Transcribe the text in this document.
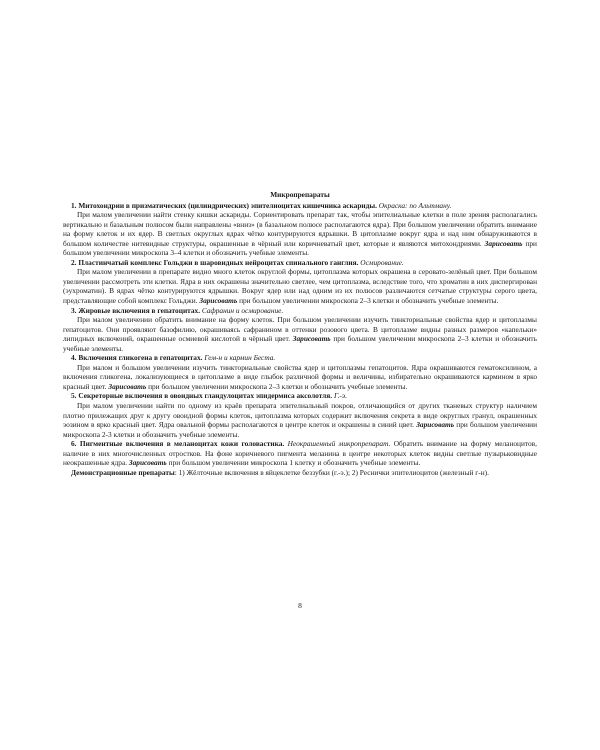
Микропрепараты

1. Митохондрии в призматических (цилиндрических) эпителиоцитах кишечника аскариды. Окраска: по Альтману.

При малом увеличении найти стенку кишки аскариды. Сориентировать препарат так, чтобы эпителиальные клетки в поле зрения располагались вертикально и базальным полюсом были направлены «вниз» (в базальном полюсе располагаются ядра). При большом увеличении обратить внимание на форму клеток и их ядер. В светлых округлых ядрах чётко контурируются ядрышки. В цитоплазме вокруг ядра и над ним обнаруживаются в большом количестве нитевидные структуры, окрашенные в чёрный или коричневатый цвет, которые и являются митохондриями. Зарисовать при большом увеличении микроскопа 3–4 клетки и обозначить учебные элементы.

2. Пластинчатый комплекс Гольджи в шаровидных нейроцитах спинального ганглия. Осмирование.

При малом увеличении в препарате видно много клеток округлой формы, цитоплазма которых окрашена в серовато-зелёный цвет. При большом увеличении рассмотреть эти клетки. Ядра в них окрашены значительно светлее, чем цитоплазма, вследствие того, что хроматин в них диспергирован (эухроматин). В ядрах чётко контурируются ядрышки. Вокруг ядер или над одним из их полюсов различаются сетчатые структуры серого цвета, представляющие собой комплекс Гольджи. Зарисовать при большом увеличении микроскопа 2–3 клетки и обозначить учебные элементы.

3. Жировые включения в гепатоцитах. Сафранин и осмирование.

При малом увеличении обратить внимание на форму клеток. При большом увеличении изучить тинкториальные свойства ядер и цитоплазмы гепатоцитов. Они проявляют базофилию, окрашиваясь сафранином в оттенки розового цвета. В цитоплазме видны разных размеров «капельки» липидных включений, окрашенные осмиевой кислотой в чёрный цвет. Зарисовать при большом увеличении микроскопа 2–3 клетки и обозначить учебные элементы.

4. Включения гликогена в гепатоцитах. Гем-н и кармин Беста.

При малом и большом увеличении изучить тинкториальные свойства ядер и цитоплазмы гепатоцитов. Ядра окрашиваются гематоксилином, а включения гликогена, локализующиеся в цитоплазме в виде глыбок различной формы и величины, избирательно окрашиваются кармином в ярко красный цвет. Зарисовать при большом увеличении микроскопа 2–3 клетки и обозначить учебные элементы.

5. Секреторные включения в овоидных гландулоцитах эпидермиса аксолотля. Г.-э.

При малом увеличении найти по одному из краёв препарата эпителиальный покров, отличающийся от других тканевых структур наличием плотно прилежащих друг к другу овоидной формы клеток, цитоплазма которых содержит включения секрета в виде округлых гранул, окрашенных эозином в ярко красный цвет. Ядра овальной формы располагаются в центре клеток и окрашены в синий цвет. Зарисовать при большом увеличении микроскопа 2-3 клетки и обозначить учебные элементы.

6. Пигментные включения в меланоцитах кожи головастика. Неокрашенный микропрепарат. Обратить внимание на форму меланоцитов, наличие в них многочисленных отростков. На фоне коричневого пигмента меланина в центре некоторых клеток видны светлые пузырьковидные неокрашенные ядра. Зарисовать при большом увеличении микроскопа 1 клетку и обозначить учебные элементы.

Демонстрационные препараты: 1) Жёлточные включения в яйцеклетке беззубки (г.-э.); 2) Реснички эпителиоцитов (железный г-н).

8
